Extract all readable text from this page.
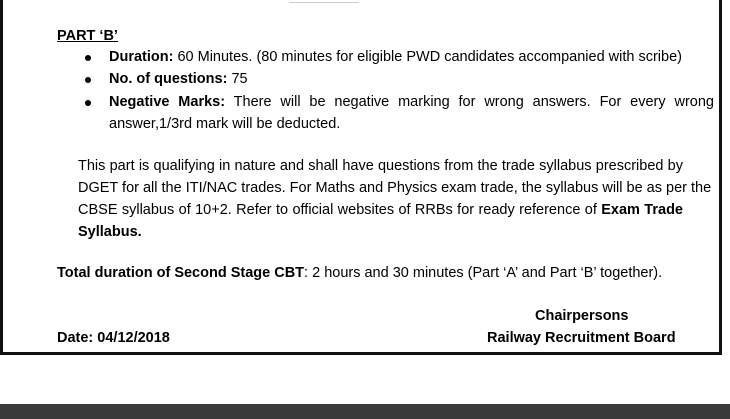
PART ‘B’
Duration: 60 Minutes. (80 minutes for eligible PWD candidates accompanied with scribe)
No. of questions: 75
Negative Marks: There will be negative marking for wrong answers. For every wrong
answer,1/3rd mark will be deducted.
This part is qualifying in nature and shall have questions from the trade syllabus prescribed by
DGET for all the ITI/NAC trades. For Maths and Physics exam trade, the syllabus will be as per the
CBSE syllabus of 10+2. Refer to official websites of RRBs for ready reference of Exam Trade
Syllabus.
Total duration of Second Stage CBT: 2 hours and 30 minutes (Part ‘A’ and Part ‘B’ together).
Chairpersons
Railway Recruitment Board
Date: 04/12/2018
